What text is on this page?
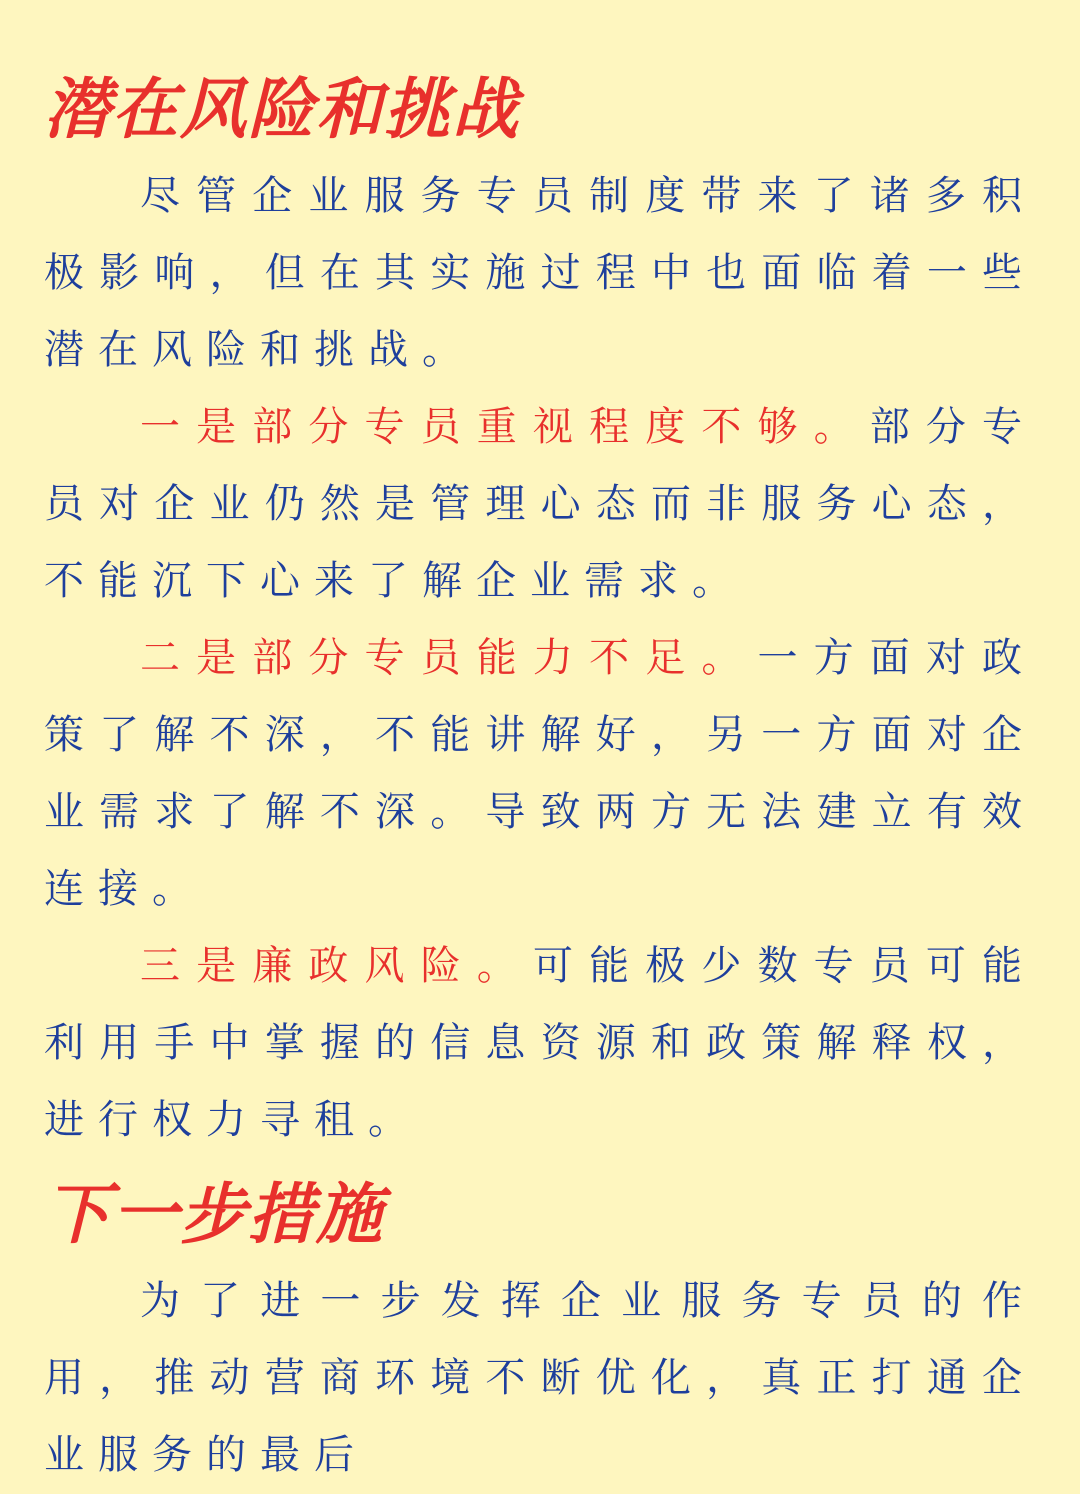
潜在风险和挑战

尽管企业服务专员制度带来了诸多积极影响，但在其实施过程中也面临着一些潜在风险和挑战。

一是部分专员重视程度不够。部分专员对企业仍然是管理心态而非服务心态，不能沉下心来了解企业需求。

二是部分专员能力不足。一方面对政策了解不深，不能讲解好，另一方面对企业需求了解不深。导致两方无法建立有效连接。

三是廉政风险。可能极少数专员可能利用手中掌握的信息资源和政策解释权，进行权力寻租。

下一步措施

为了进一步发挥企业服务专员的作用，推动营商环境不断优化，真正打通企业服务的最后
